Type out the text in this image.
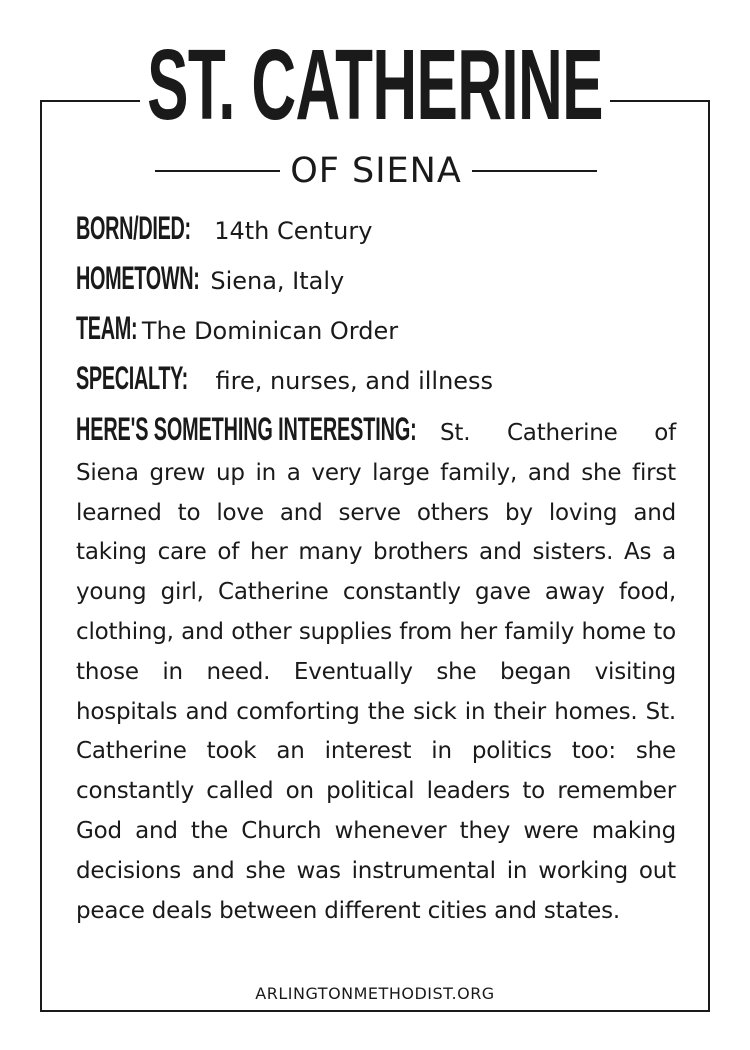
ST. CATHERINE
OF SIENA
BORN/DIED: 14th Century
HOMETOWN: Siena, Italy
TEAM: The Dominican Order
SPECIALTY: fire, nurses, and illness
HERE'S SOMETHING INTERESTING: St. Catherine of Siena grew up in a very large family, and she first learned to love and serve others by loving and taking care of her many brothers and sisters. As a young girl, Catherine constantly gave away food, clothing, and other supplies from her family home to those in need. Eventually she began visiting hospitals and comforting the sick in their homes. St. Catherine took an interest in politics too: she constantly called on political leaders to remember God and the Church whenever they were making decisions and she was instrumental in working out peace deals between different cities and states.
ARLINGTONMETHODIST.ORG
